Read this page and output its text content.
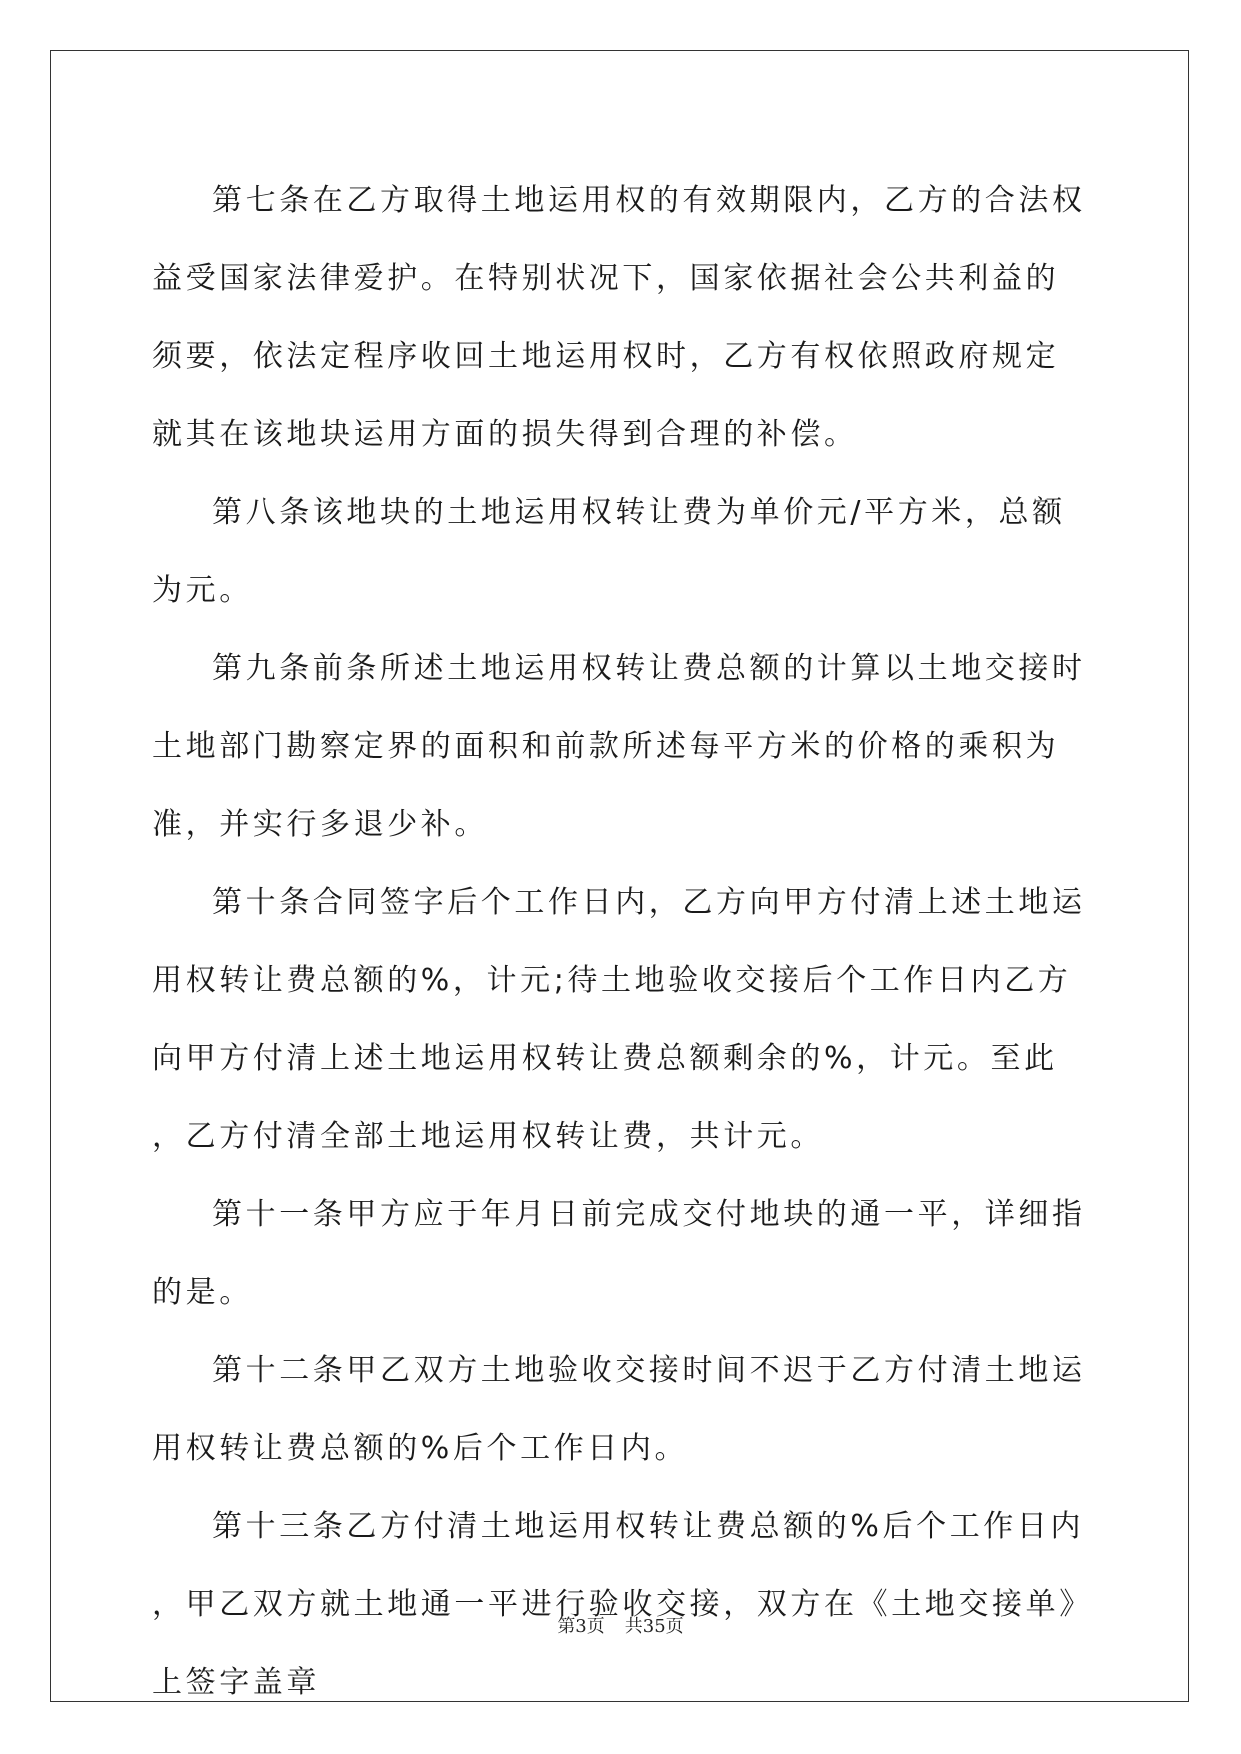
第七条在乙方取得土地运用权的有效期限内，乙方的合法权益受国家法律爱护。在特别状况下，国家依据社会公共利益的须要，依法定程序收回土地运用权时，乙方有权依照政府规定就其在该地块运用方面的损失得到合理的补偿。

第八条该地块的土地运用权转让费为单价元/平方米，总额为元。

第九条前条所述土地运用权转让费总额的计算以土地交接时土地部门勘察定界的面积和前款所述每平方米的价格的乘积为准，并实行多退少补。

第十条合同签字后个工作日内，乙方向甲方付清上述土地运用权转让费总额的%，计元;待土地验收交接后个工作日内乙方向甲方付清上述土地运用权转让费总额剩余的%，计元。至此，乙方付清全部土地运用权转让费，共计元。

第十一条甲方应于年月日前完成交付地块的通一平，详细指的是。

第十二条甲乙双方土地验收交接时间不迟于乙方付清土地运用权转让费总额的%后个工作日内。

第十三条乙方付清土地运用权转让费总额的%后个工作日内，甲乙双方就土地通一平进行验收交接，双方在《土地交接单》上签字盖章

第3页 共35页
